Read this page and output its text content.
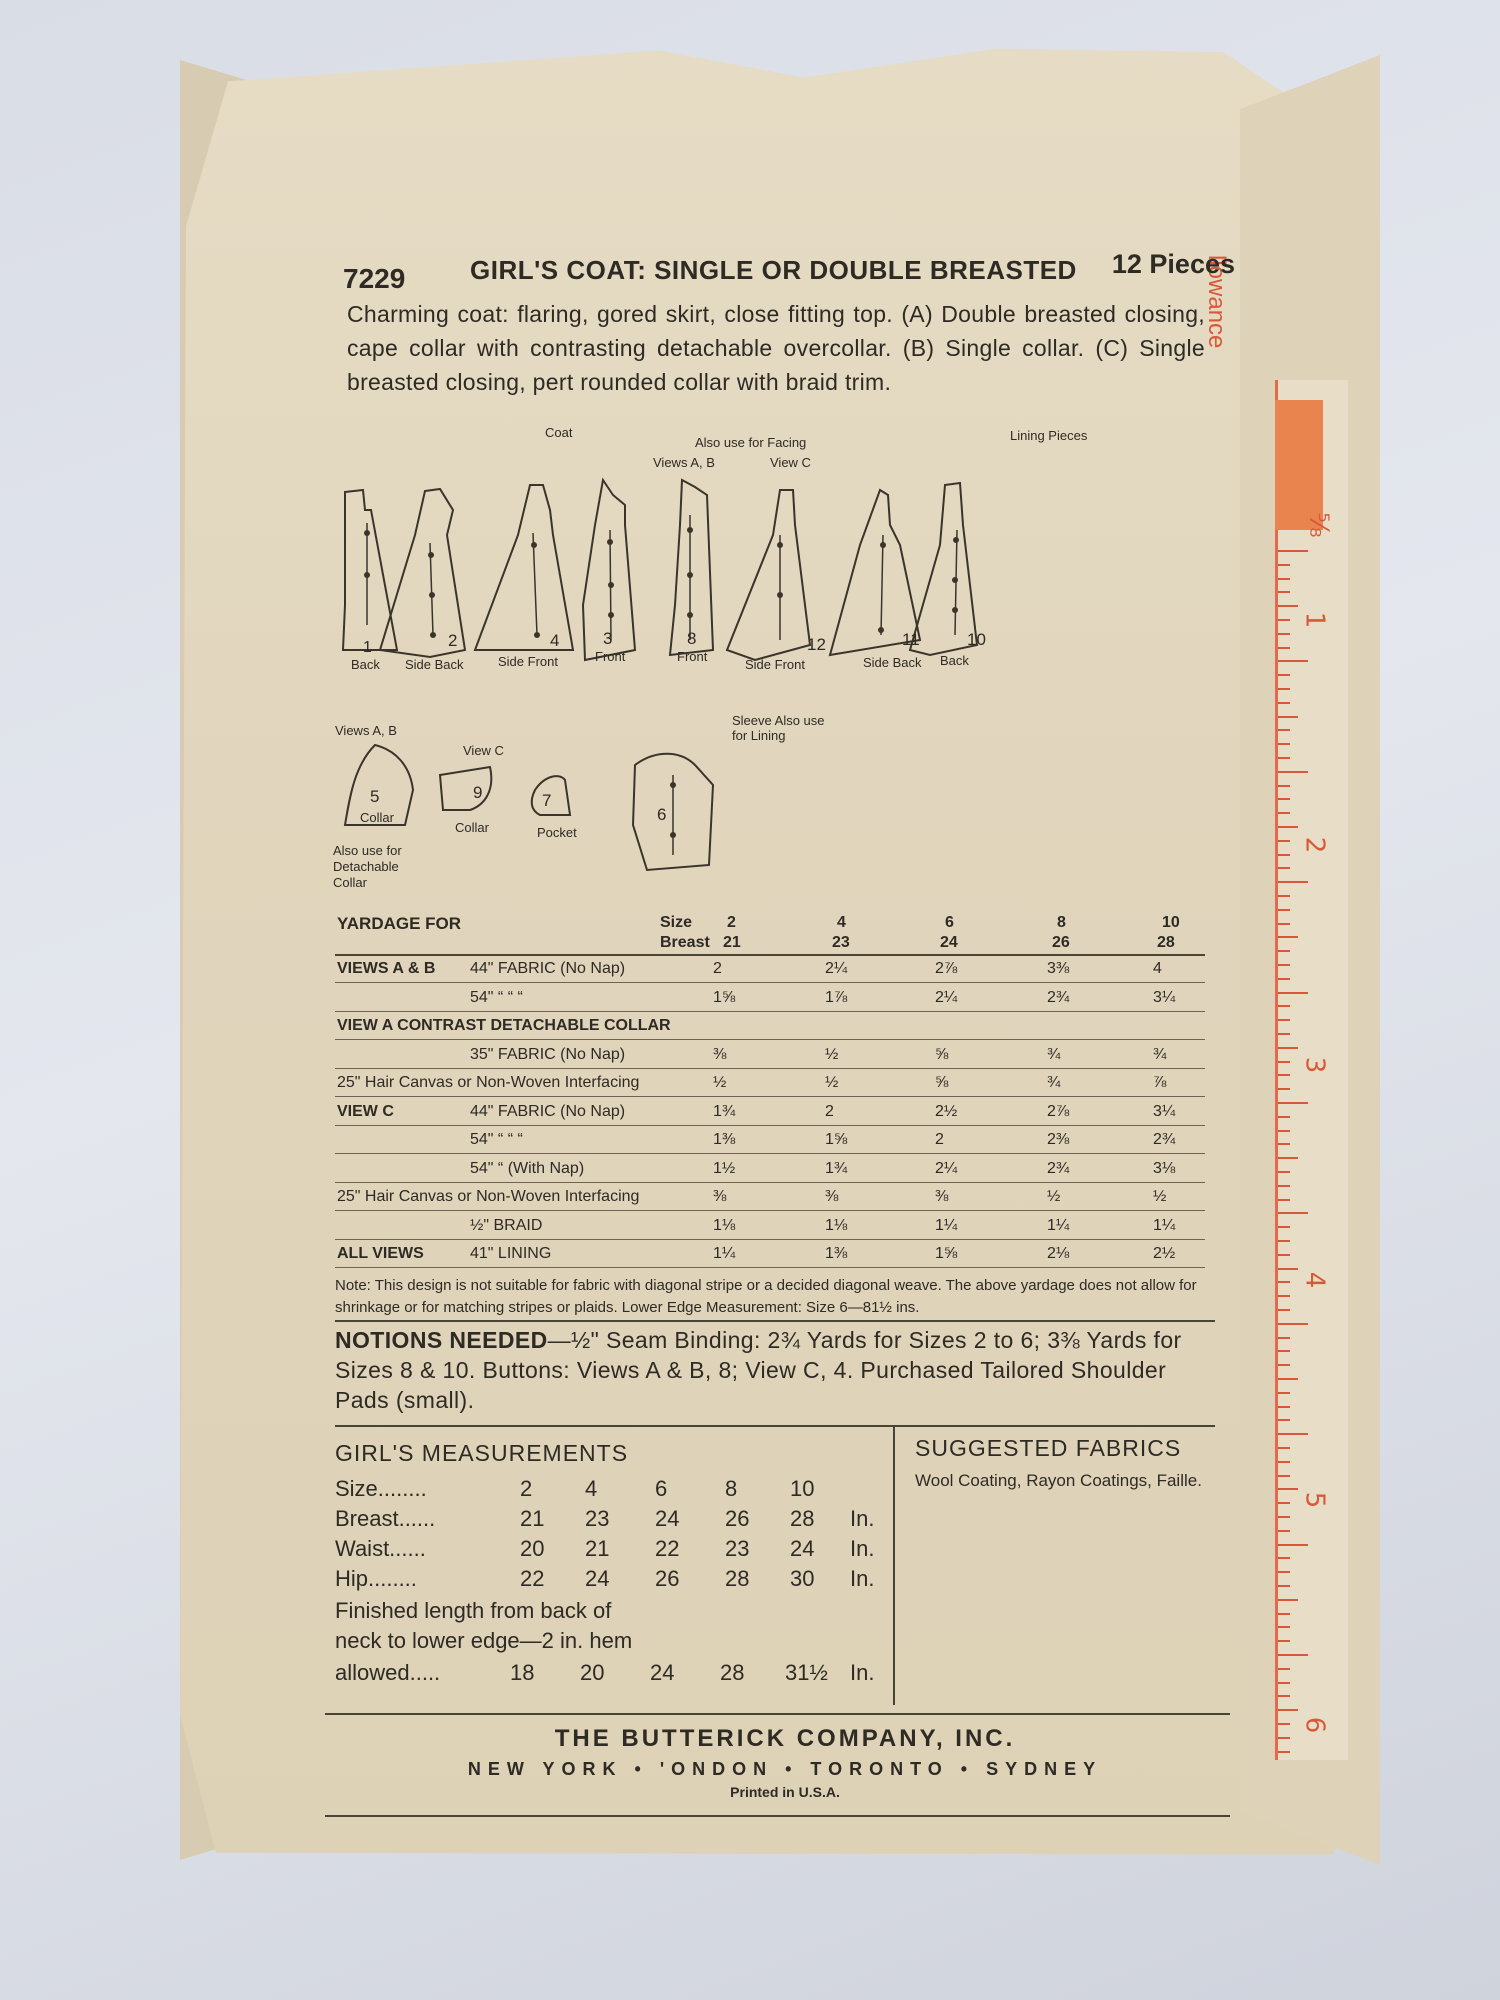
⅝
1
2
3
4
5
6
llowance
7229 GIRL'S COAT: SINGLE OR DOUBLE BREASTED 12 Pieces
Charming coat: flaring, gored skirt, close fitting top. (A) Double breasted closing, cape collar with contrasting detachable overcollar. (B) Single collar. (C) Single breasted closing, pert rounded collar with braid trim.
Coat
Also use for Facing
Views A, B	View C
Lining Pieces
Views A, B
View C
Sleeve Also use for Lining
Also use for Detachable Collar
1
Back
2
Side Back
4
Side Front
3
Front
8
Front
12
Side Front
11
Side Back
10
Back
5
Collar
9
Collar
7
Pocket
6
YARDAGE FOR	Size
Breast
2	4	6	8	10
21	23	24	26	28
VIEWS A & B 44" FABRIC (No Nap)	2	2¼	2⅞	3⅜	4
54" “ “ “	1⅝	1⅞	2¼	2¾	3¼
VIEW A CONTRAST DETACHABLE COLLAR
35" FABRIC (No Nap)	⅜	½	⅝	¾	¾
25" Hair Canvas or Non-Woven Interfacing	½	½	⅝	¾	⅞
VIEW C	44" FABRIC (No Nap)	1¾	2	2½	2⅞	3¼
54" “ “ “	1⅜	1⅝	2	2⅜	2¾
54" “ (With Nap)	1½	1¾	2¼	2¾	3⅛
25" Hair Canvas or Non-Woven Interfacing	⅜	⅜	⅜	½	½
½" BRAID	1⅛	1⅛	1¼	1¼	1¼
ALL VIEWS	41" LINING	1¼	1⅜	1⅝	2⅛	2½
Note: This design is not suitable for fabric with diagonal stripe or a decided diagonal weave. The above yardage does not allow for shrinkage or for matching stripes or plaids. Lower Edge Measurement: Size 6—81½ ins.
NOTIONS NEEDED—½" Seam Binding: 2¾ Yards for Sizes 2 to 6; 3⅜ Yards for Sizes 8 & 10. Buttons: Views A & B, 8; View C, 4. Purchased Tailored Shoulder Pads (small).
GIRL'S MEASUREMENTS
Size........	2 4	6	8 10
Breast......	21 23 24 26 28 In.
Waist......	20 21 22 23 24 In.
Hip........	22 24 26 28 30 In.
Finished length from back of
neck to lower edge—2 in. hem
allowed.....	18 20 24 28 31½ In.
SUGGESTED FABRICS
Wool Coating, Rayon Coatings, Faille.
THE BUTTERICK COMPANY, INC.
NEW YORK • 'ONDON • TORONTO • SYDNEY
Printed in U.S.A.
